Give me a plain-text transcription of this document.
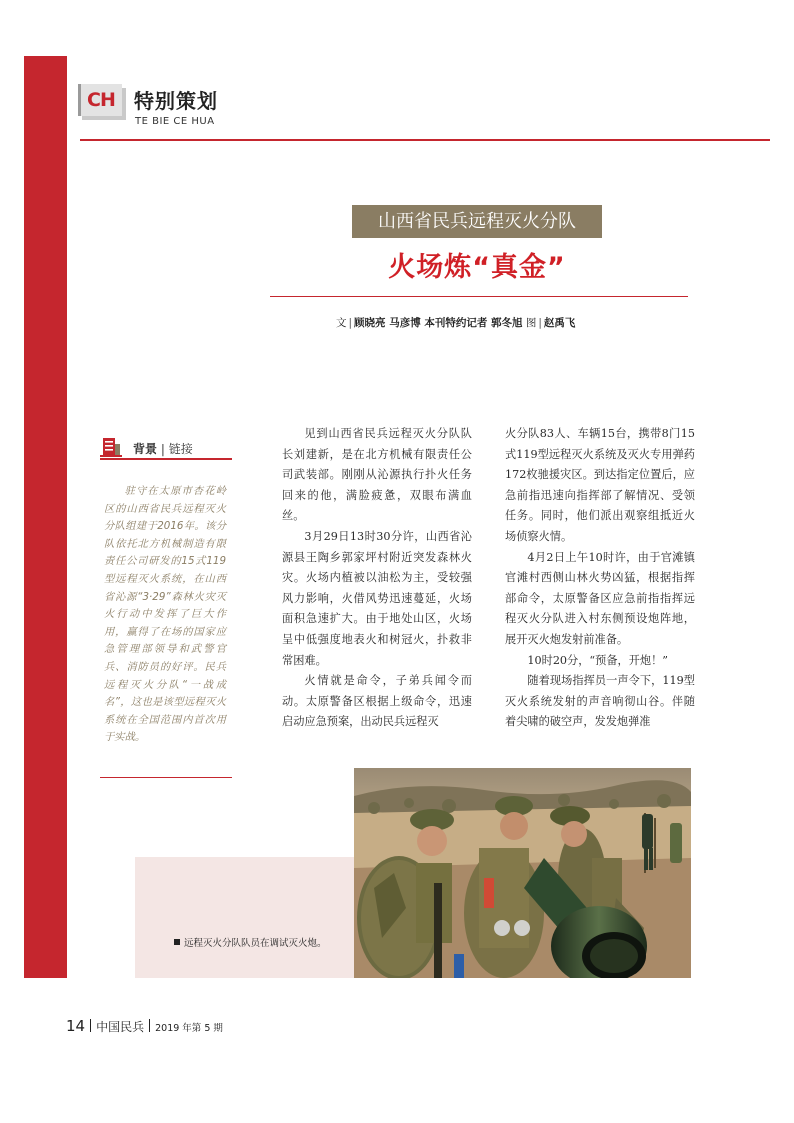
CH 特别策划
TE BIE CE HUA
山西省民兵远程灭火分队
火场炼“真金”
文 | 顾晓亮 马彦博 本刊特约记者 郭冬旭 图 | 赵禹飞
背景 | 链接

驻守在太原市杏花岭区的山西省民兵远程灭火分队组建于2016年。该分队依托北方机械制造有限责任公司研发的15式119型远程灭火系统，在山西省沁源“3·29”森林火灾灭火行动中发挥了巨大作用，赢得了在场的国家应急管理部领导和武警官兵、消防员的好评。民兵远程灭火分队“一战成名”，这也是该型远程灭火系统在全国范围内首次用于实战。

见到山西省民兵远程灭火分队队长刘建新，是在北方机械有限责任公司武装部。刚刚从沁源执行扑火任务回来的他，满脸疲惫，双眼布满血丝。

3月29日13时30分许，山西省沁源县王陶乡郭家坪村附近突发森林火灾。火场内植被以油松为主，受较强风力影响，火借风势迅速蔓延，火场面积急速扩大。由于地处山区，火场呈中低强度地表火和树冠火，扑救非常困难。

火情就是命令，子弟兵闻令而动。太原警备区根据上级命令，迅速启动应急预案，出动民兵远程灭

火分队83人、车辆15台，携带8门15式119型远程灭火系统及灭火专用弹药172枚驰援灾区。到达指定位置后，应急前指迅速向指挥部了解情况、受领任务。同时，他们派出观察组抵近火场侦察火情。

4月2日上午10时许，由于官滩镇官滩村西侧山林火势凶猛，根据指挥部命令，太原警备区应急前指指挥远程灭火分队进入村东侧预设炮阵地，展开灭火炮发射前准备。

10时20分，“预备，开炮！”

随着现场指挥员一声令下，119型灭火系统发射的声音响彻山谷。伴随着尖啸的破空声，发发炮弹准

远程灭火分队队员在调试灭火炮。
14 中国民兵 2019 年第 5 期
